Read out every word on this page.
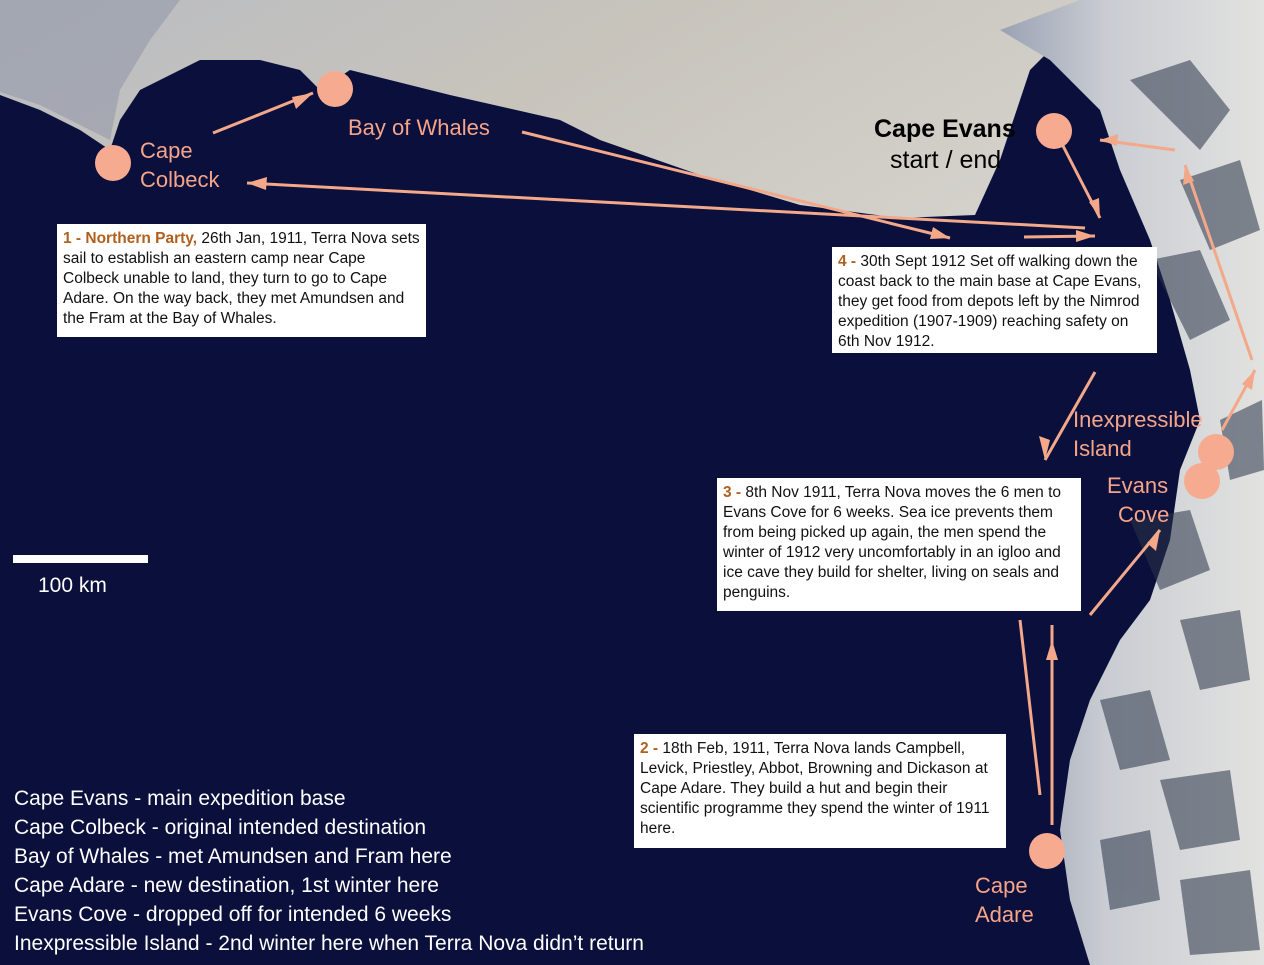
Cape
Colbeck
Bay of Whales
Inexpressible
Island
Evans
Cove
Cape
Adare
Cape Evans
start / end
1 - Northern Party, 26th Jan, 1911, Terra Nova sets sail to establish an eastern camp near Cape Colbeck unable to land, they turn to go to Cape Adare. On the way back, they met Amundsen and the Fram at the Bay of Whales.
4 - 30th Sept 1912 Set off walking down the coast back to the main base at Cape Evans, they get food from depots left by the Nimrod expedition (1907-1909) reaching safety on 6th Nov 1912.
3 - 8th Nov 1911, Terra Nova moves the 6 men to Evans Cove for 6 weeks. Sea ice prevents them from being picked up again, the men spend the winter of 1912 very uncomfortably in an igloo and ice cave they build for shelter, living on seals and penguins.
2 - 18th Feb, 1911, Terra Nova lands Campbell, Levick, Priestley, Abbot, Browning and Dickason at Cape Adare. They build a hut and begin their scientific programme they spend the winter of 1911 here.
100 km
Cape Evans - main expedition base
Cape Colbeck - original intended destination
Bay of Whales - met Amundsen and Fram here
Cape Adare - new destination, 1st winter here
Evans Cove - dropped off for intended 6 weeks
Inexpressible Island - 2nd winter here when Terra Nova didn’t return
